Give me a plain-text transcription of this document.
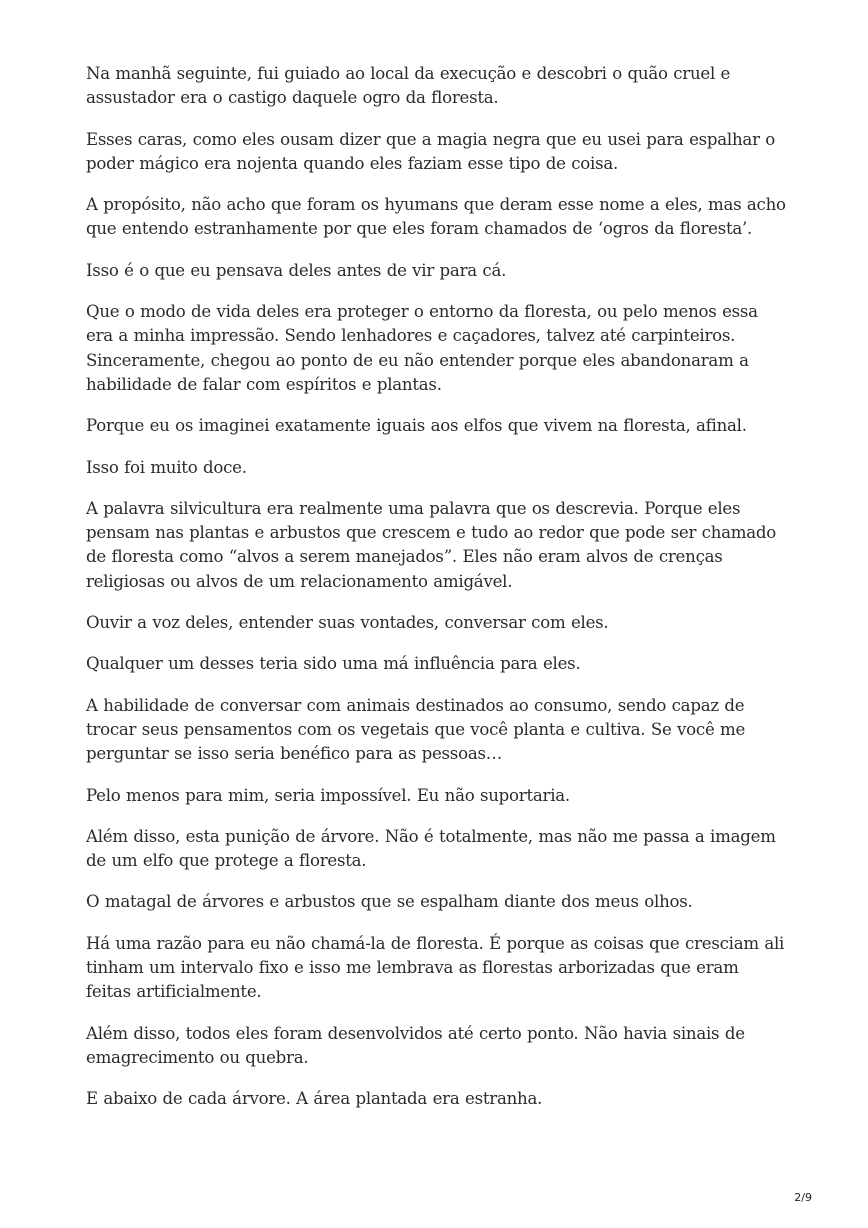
Na manhã seguinte, fui guiado ao local da execução e descobri o quão cruel e assustador era o castigo daquele ogro da floresta.

Esses caras, como eles ousam dizer que a magia negra que eu usei para espalhar o poder mágico era nojenta quando eles faziam esse tipo de coisa.

A propósito, não acho que foram os hyumans que deram esse nome a eles, mas acho que entendo estranhamente por que eles foram chamados de ‘ogros da floresta’.

Isso é o que eu pensava deles antes de vir para cá.

Que o modo de vida deles era proteger o entorno da floresta, ou pelo menos essa era a minha impressão. Sendo lenhadores e caçadores, talvez até carpinteiros. Sinceramente, chegou ao ponto de eu não entender porque eles abandonaram a habilidade de falar com espíritos e plantas.

Porque eu os imaginei exatamente iguais aos elfos que vivem na floresta, afinal.

Isso foi muito doce.

A palavra silvicultura era realmente uma palavra que os descrevia. Porque eles pensam nas plantas e arbustos que crescem e tudo ao redor que pode ser chamado de floresta como “alvos a serem manejados”. Eles não eram alvos de crenças religiosas ou alvos de um relacionamento amigável.

Ouvir a voz deles, entender suas vontades, conversar com eles.

Qualquer um desses teria sido uma má influência para eles.

A habilidade de conversar com animais destinados ao consumo, sendo capaz de trocar seus pensamentos com os vegetais que você planta e cultiva. Se você me perguntar se isso seria benéfico para as pessoas…

Pelo menos para mim, seria impossível. Eu não suportaria.

Além disso, esta punição de árvore. Não é totalmente, mas não me passa a imagem de um elfo que protege a floresta.

O matagal de árvores e arbustos que se espalham diante dos meus olhos.

Há uma razão para eu não chamá-la de floresta. É porque as coisas que cresciam ali tinham um intervalo fixo e isso me lembrava as florestas arborizadas que eram feitas artificialmente.

Além disso, todos eles foram desenvolvidos até certo ponto. Não havia sinais de emagrecimento ou quebra.

E abaixo de cada árvore. A área plantada era estranha.

2/9
